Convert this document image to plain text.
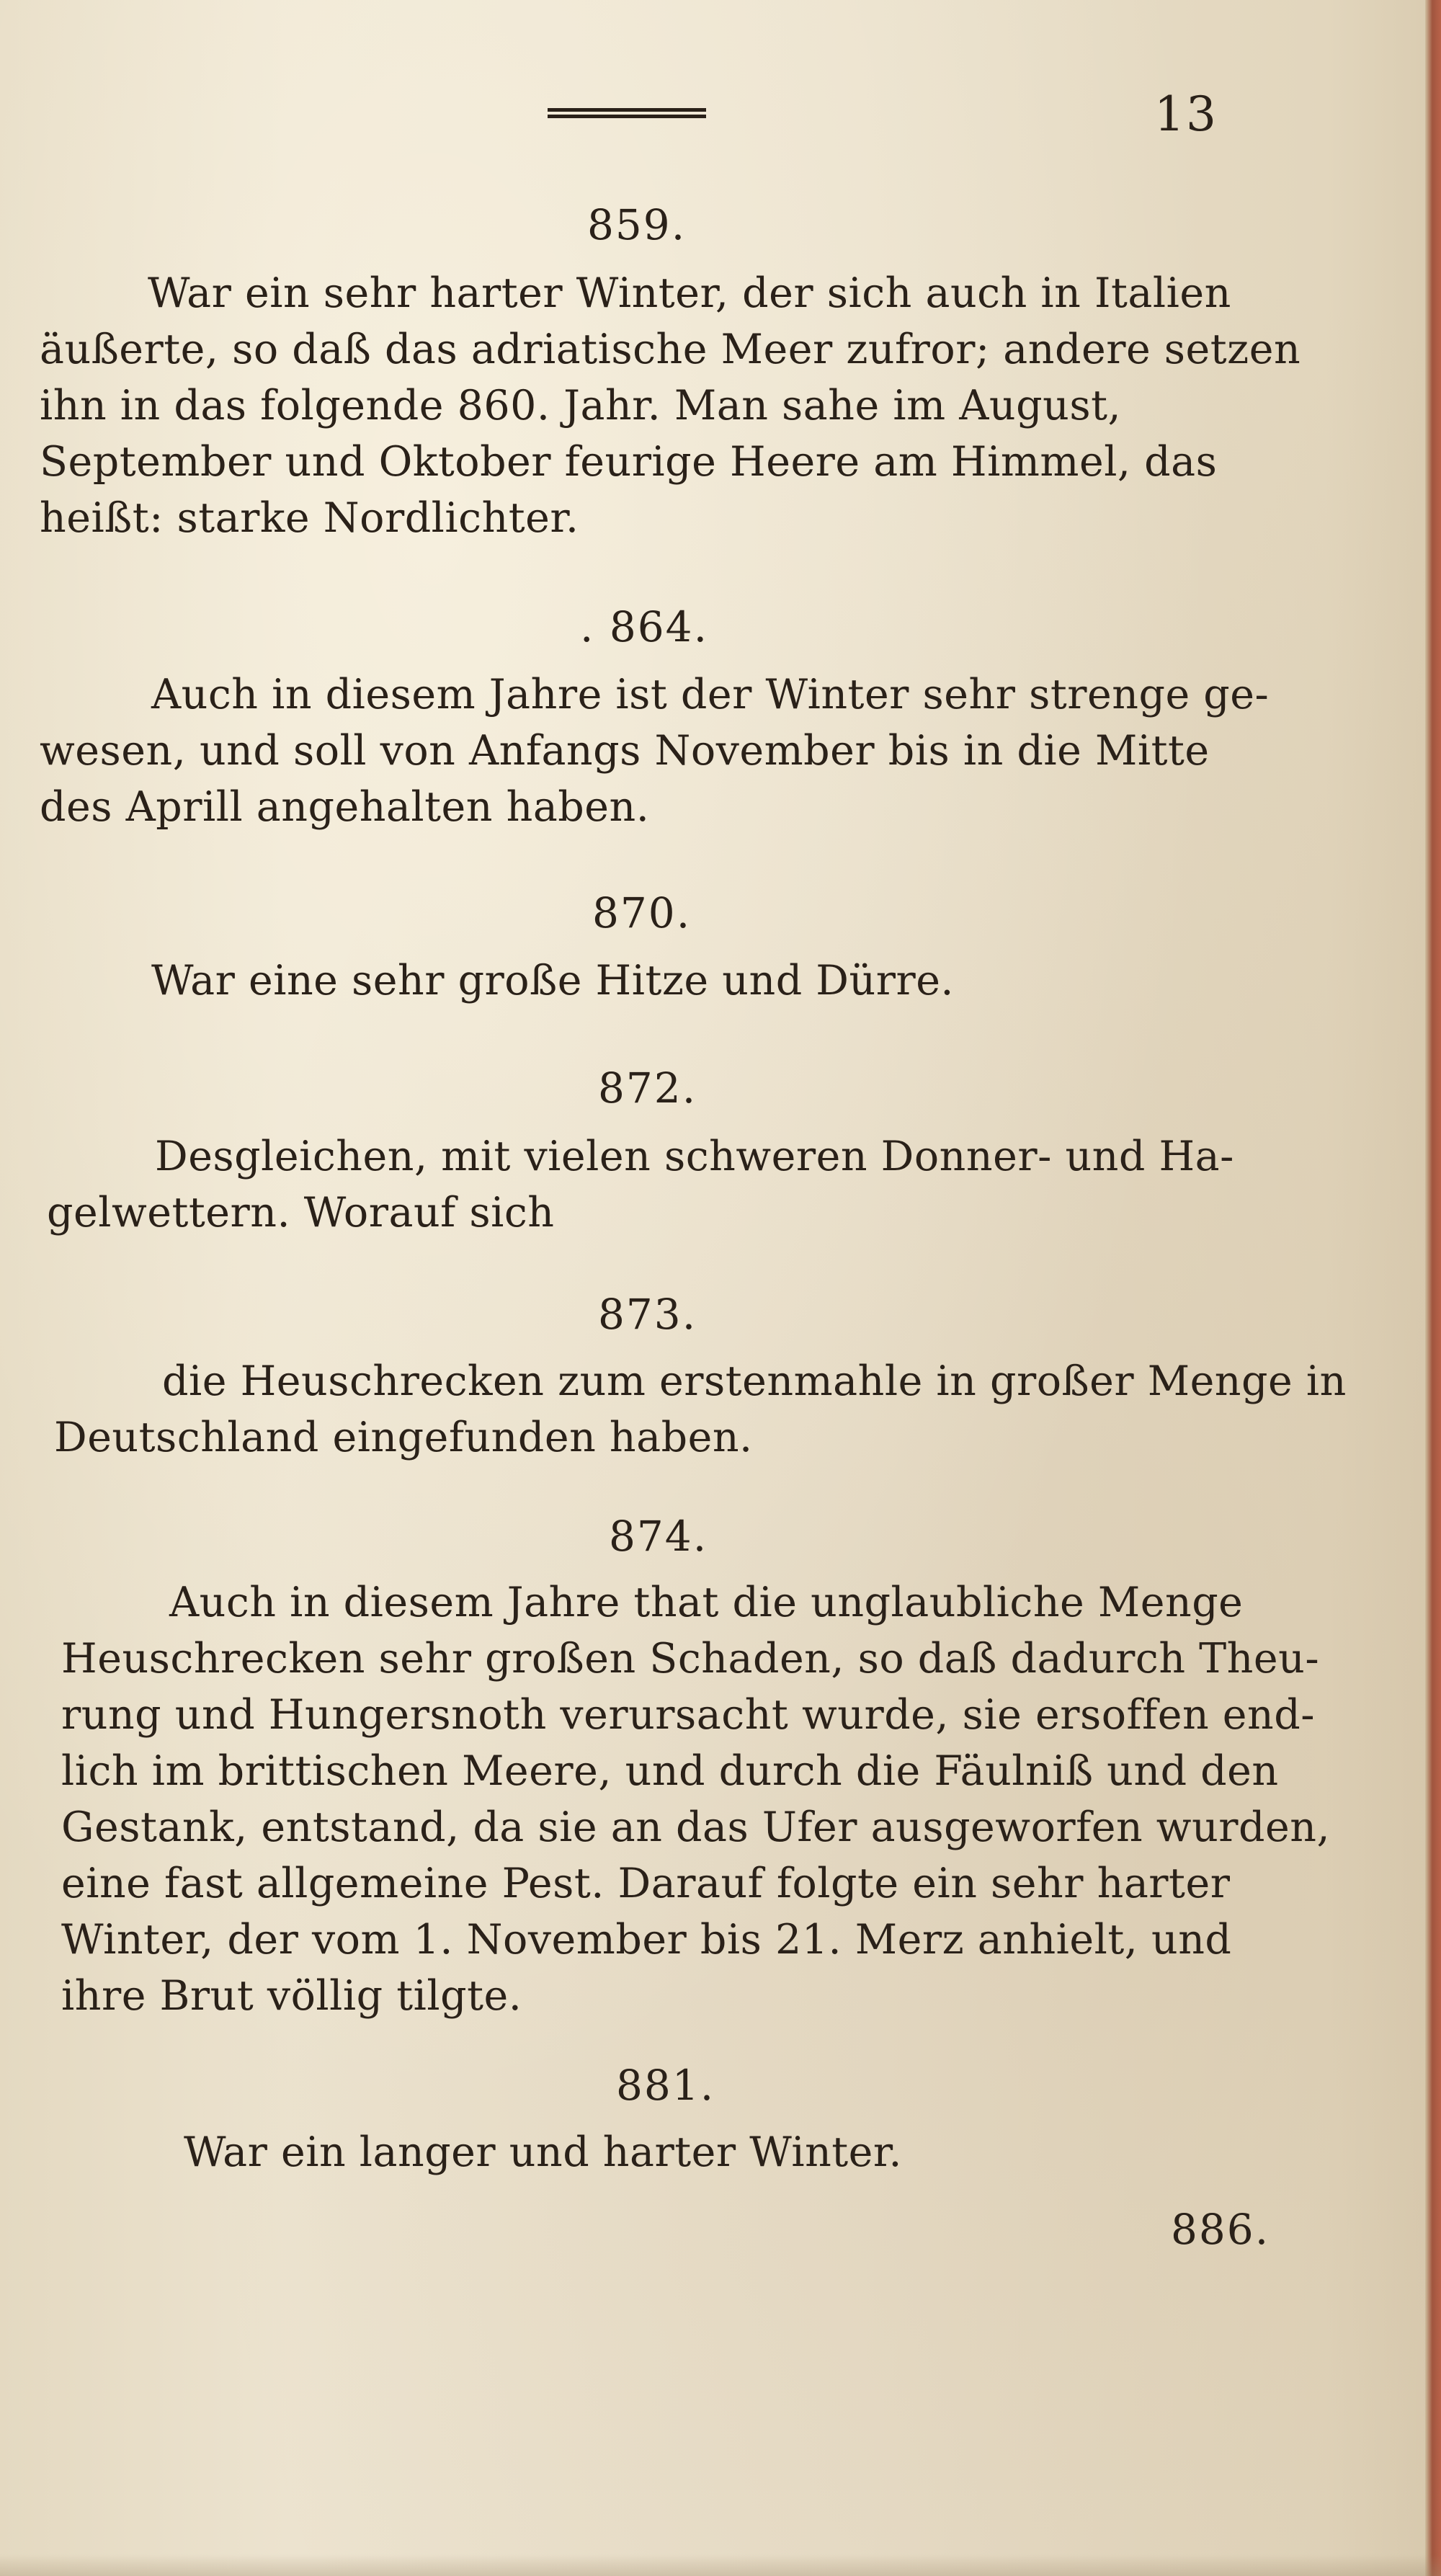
13
859.
War ein sehr harter Winter, der sich auch in Italien
äußerte, so daß das adriatische Meer zufror; andere setzen
ihn in das folgende 860. Jahr. Man sahe im August,
September und Oktober feurige Heere am Himmel, das
heißt: starke Nordlichter.
. 864.
Auch in diesem Jahre ist der Winter sehr strenge ge-
wesen, und soll von Anfangs November bis in die Mitte
des Aprill angehalten haben.
870.
War eine sehr große Hitze und Dürre.
872.
Desgleichen, mit vielen schweren Donner- und Ha-
gelwettern. Worauf sich
873.
die Heuschrecken zum erstenmahle in großer Menge in
Deutschland eingefunden haben.
874.
Auch in diesem Jahre that die unglaubliche Menge
Heuschrecken sehr großen Schaden, so daß dadurch Theu-
rung und Hungersnoth verursacht wurde, sie ersoffen end-
lich im brittischen Meere, und durch die Fäulniß und den
Gestank, entstand, da sie an das Ufer ausgeworfen wurden,
eine fast allgemeine Pest. Darauf folgte ein sehr harter
Winter, der vom 1. November bis 21. Merz anhielt, und
ihre Brut völlig tilgte.
881.
War ein langer und harter Winter.
886.
